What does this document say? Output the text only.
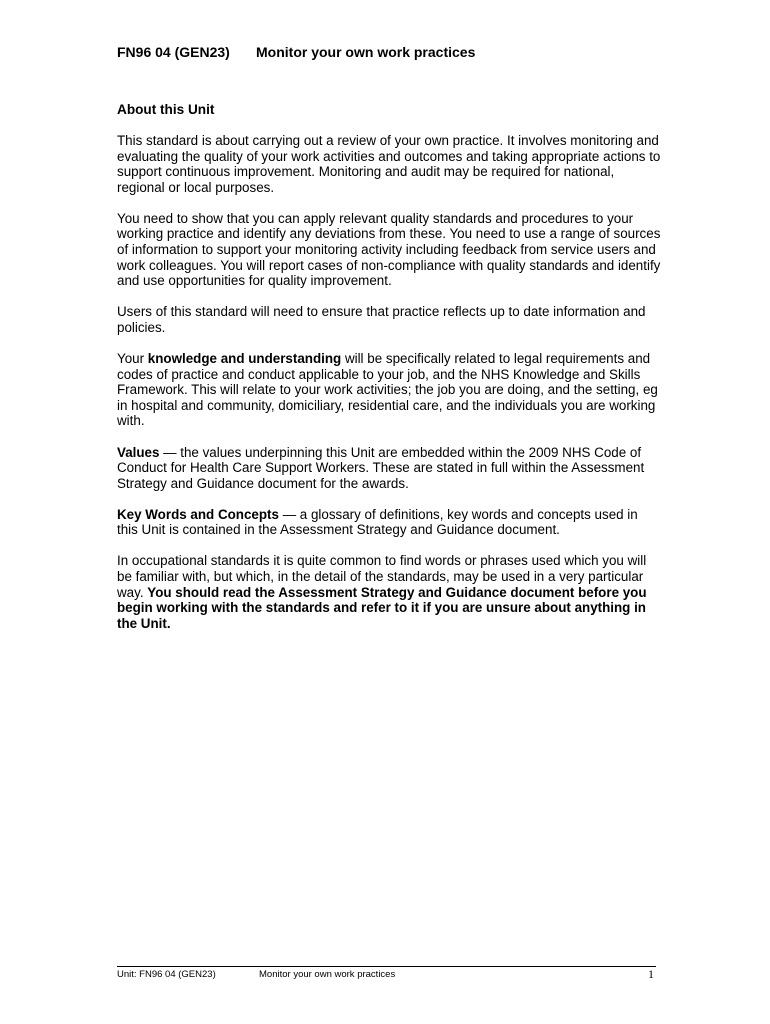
FN96 04 (GEN23) Monitor your own work practices
About this Unit

This standard is about carrying out a review of your own practice. It involves monitoring and evaluating the quality of your work activities and outcomes and taking appropriate actions to support continuous improvement. Monitoring and audit may be required for national, regional or local purposes.

You need to show that you can apply relevant quality standards and procedures to your working practice and identify any deviations from these. You need to use a range of sources of information to support your monitoring activity including feedback from service users and work colleagues. You will report cases of non-compliance with quality standards and identify and use opportunities for quality improvement.

Users of this standard will need to ensure that practice reflects up to date information and policies.

Your knowledge and understanding will be specifically related to legal requirements and codes of practice and conduct applicable to your job, and the NHS Knowledge and Skills Framework. This will relate to your work activities; the job you are doing, and the setting, eg in hospital and community, domiciliary, residential care, and the individuals you are working with.

Values — the values underpinning this Unit are embedded within the 2009 NHS Code of Conduct for Health Care Support Workers. These are stated in full within the Assessment Strategy and Guidance document for the awards.

Key Words and Concepts — a glossary of definitions, key words and concepts used in this Unit is contained in the Assessment Strategy and Guidance document.

In occupational standards it is quite common to find words or phrases used which you will be familiar with, but which, in the detail of the standards, may be used in a very particular way. You should read the Assessment Strategy and Guidance document before you begin working with the standards and refer to it if you are unsure about anything in the Unit.

Unit: FN96 04 (GEN23)	Monitor your own work practices	1
